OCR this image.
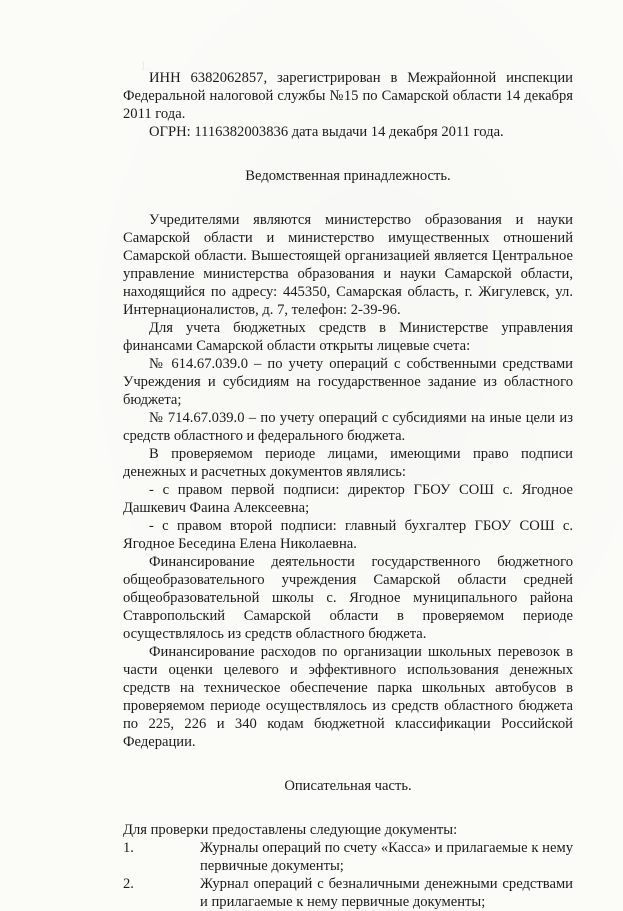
1.

ИНН 6382062857, зарегистрирован в Межрайонной инспекции Федеральной налоговой службы №15 по Самарской области 14 декабря 2011 года.

ОГРН: 1116382003836 дата выдачи 14 декабря 2011 года.

Ведомственная принадлежность.

Учредителями являются министерство образования и науки Самарской области и министерство имущественных отношений Самарской области. Вышестоящей организацией является Центральное управление министерства образования и науки Самарской области, находящийся по адресу: 445350, Самарская область, г. Жигулевск, ул. Интернационалистов, д. 7, телефон: 2-39-96.

Для учета бюджетных средств в Министерстве управления финансами Самарской области открыты лицевые счета:

№ 614.67.039.0 – по учету операций с собственными средствами Учреждения и субсидиям на государственное задание из областного бюджета;

№ 714.67.039.0 – по учету операций с субсидиями на иные цели из средств областного и федерального бюджета.

В проверяемом периоде лицами, имеющими право подписи денежных и расчетных документов являлись:

- с правом первой подписи: директор ГБОУ СОШ с. Ягодное Дашкевич Фаина Алексеевна;

- с правом второй подписи: главный бухгалтер ГБОУ СОШ с. Ягодное Беседина Елена Николаевна.

Финансирование деятельности государственного бюджетного общеобразовательного учреждения Самарской области средней общеобразовательной школы с. Ягодное муниципального района Ставропольский Самарской области в проверяемом периоде осуществлялось из средств областного бюджета.

Финансирование расходов по организации школьных перевозок в части оценки целевого и эффективного использования денежных средств на техническое обеспечение парка школьных автобусов в проверяемом периоде осуществлялось из средств областного бюджета по 225, 226 и 340 кодам бюджетной классификации Российской Федерации.

Описательная часть.

Для проверки предоставлены следующие документы:

1.	Журналы операций по счету «Касса» и прилагаемые к нему первичные документы;
2.	Журнал операций с безналичными денежными средствами и прилагаемые к нему первичные документы;
